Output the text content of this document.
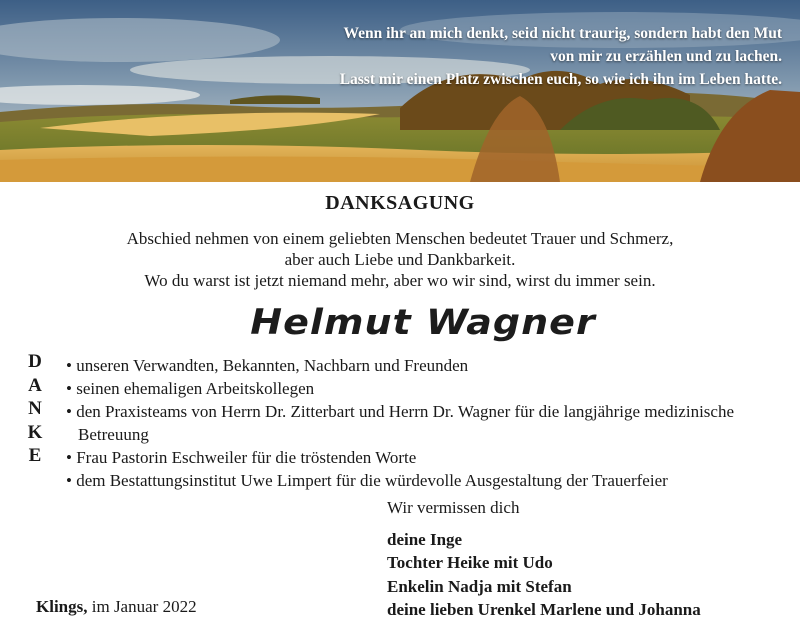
Wenn ihr an mich denkt, seid nicht traurig, sondern habt den Mut
von mir zu erzählen und zu lachen.
Lasst mir einen Platz zwischen euch, so wie ich ihn im Leben hatte.
DANKSAGUNG
Abschied nehmen von einem geliebten Menschen bedeutet Trauer und Schmerz,
aber auch Liebe und Dankbarkeit.
Wo du warst ist jetzt niemand mehr, aber wo wir sind, wirst du immer sein.
Helmut Wagner
D
A
N
K
E
• unseren Verwandten, Bekannten, Nachbarn und Freunden
• seinen ehemaligen Arbeitskollegen
• den Praxisteams von Herrn Dr. Zitterbart und Herrn Dr. Wagner für die langjährige medizinische Betreuung
• Frau Pastorin Eschweiler für die tröstenden Worte
• dem Bestattungsinstitut Uwe Limpert für die würdevolle Ausgestaltung der Trauerfeier
Wir vermissen dich
deine Inge
Tochter Heike mit Udo
Enkelin Nadja mit Stefan
deine lieben Urenkel Marlene und Johanna
Klings, im Januar 2022
